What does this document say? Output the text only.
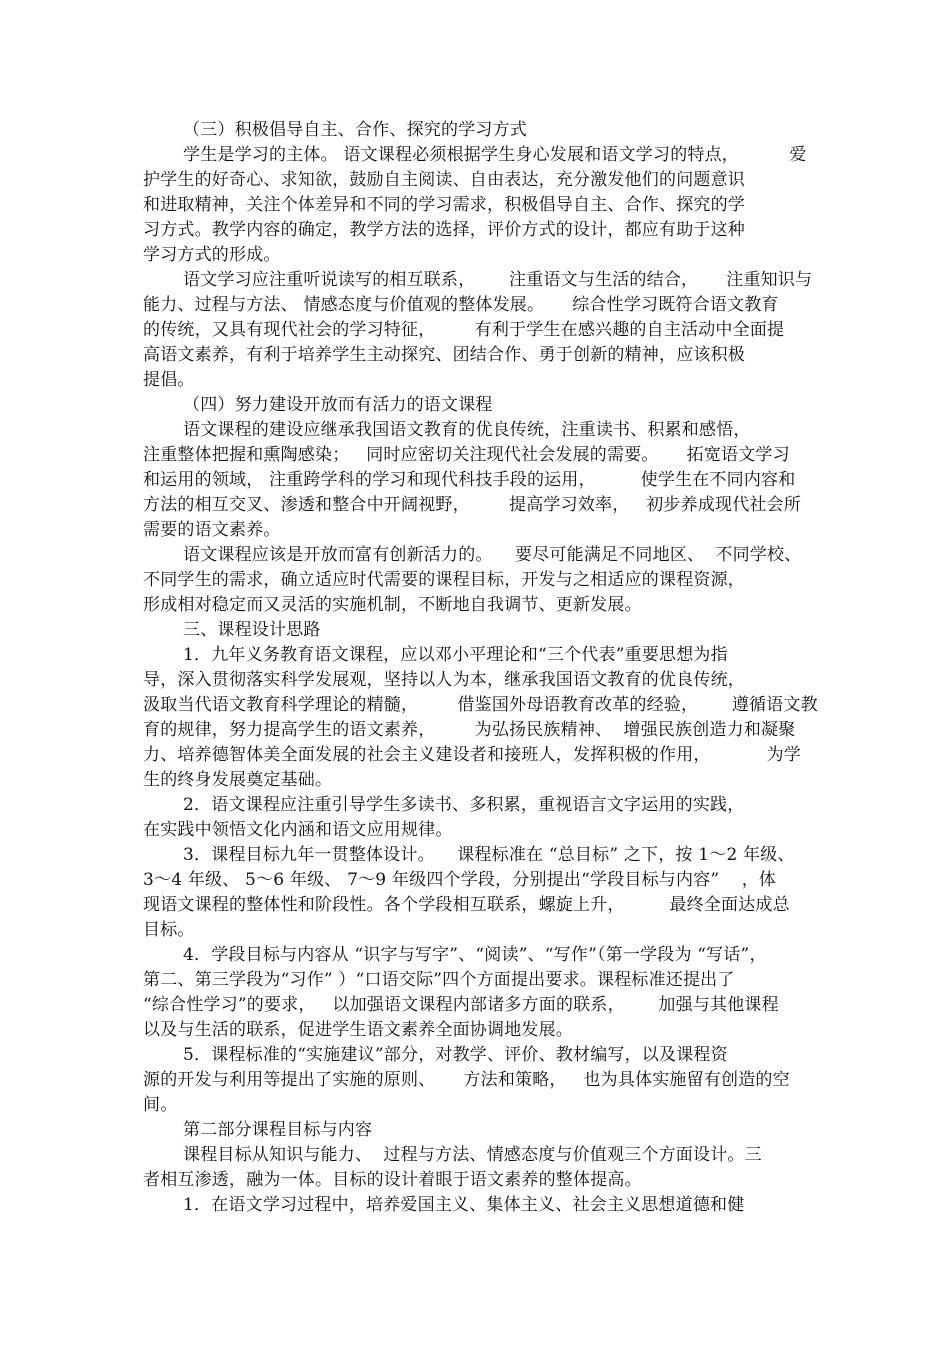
（三）积极倡导自主、合作、探究的学习方式
学生是学习的主体。 语文课程必须根据学生身心发展和语文学习的特点，         爱
护学生的好奇心、求知欲，鼓励自主阅读、自由表达，充分激发他们的问题意识
和进取精神，关注个体差异和不同的学习需求，积极倡导自主、合作、探究的学
习方式。教学内容的确定，教学方法的选择，评价方式的设计，都应有助于这种
学习方式的形成。
语文学习应注重听说读写的相互联系，      注重语文与生活的结合，     注重知识与
能力、过程与方法、 情感态度与价值观的整体发展。     综合性学习既符合语文教育
的传统，又具有现代社会的学习特征，       有利于学生在感兴趣的自主活动中全面提
高语文素养，有利于培养学生主动探究、团结合作、勇于创新的精神，应该积极
提倡。
（四）努力建设开放而有活力的语文课程
语文课程的建设应继承我国语文教育的优良传统，注重读书、积累和感悟，
注重整体把握和熏陶感染；   同时应密切关注现代社会发展的需要。     拓宽语文学习
和运用的领域， 注重跨学科的学习和现代科技手段的运用，        使学生在不同内容和
方法的相互交叉、渗透和整合中开阔视野，       提高学习效率，   初步养成现代社会所
需要的语文素养。
语文课程应该是开放而富有创新活力的。    要尽可能满足不同地区、  不同学校、
不同学生的需求，确立适应时代需要的课程目标，开发与之相适应的课程资源，
形成相对稳定而又灵活的实施机制，不断地自我调节、更新发展。
三、课程设计思路
1．九年义务教育语文课程，应以邓小平理论和“三个代表”重要思想为指
导，深入贯彻落实科学发展观，坚持以人为本，继承我国语文教育的优良传统，
汲取当代语文教育科学理论的精髓，       借鉴国外母语教育改革的经验，      遵循语文教
育的规律，努力提高学生的语文素养，       为弘扬民族精神、  增强民族创造力和凝聚
力、培养德智体美全面发展的社会主义建设者和接班人，发挥积极的作用，          为学
生的终身发展奠定基础。
2．语文课程应注重引导学生多读书、多积累，重视语言文字运用的实践，
在实践中领悟文化内涵和语文应用规律。
3．课程目标九年一贯整体设计。    课程标准在 “总目标” 之下，按 1～2 年级、
3～4 年级、 5～6 年级、 7～9 年级四个学段，分别提出“学段目标与内容”    ，体
现语文课程的整体性和阶段性。各个学段相互联系，螺旋上升，        最终全面达成总
目标。
4．学段目标与内容从 “识字与写字”、“阅读”、“写作”（第一学段为 “写话”，
第二、第三学段为“习作” ）“口语交际”四个方面提出要求。课程标准还提出了
“综合性学习”的要求，   以加强语文课程内部诸多方面的联系，      加强与其他课程
以及与生活的联系，促进学生语文素养全面协调地发展。
5．课程标准的“实施建议”部分，对教学、评价、教材编写，以及课程资
源的开发与利用等提出了实施的原则、     方法和策略，   也为具体实施留有创造的空
间。
第二部分课程目标与内容
课程目标从知识与能力、  过程与方法、情感态度与价值观三个方面设计。三
者相互渗透，融为一体。目标的设计着眼于语文素养的整体提高。
1．在语文学习过程中，培养爱国主义、集体主义、社会主义思想道德和健
